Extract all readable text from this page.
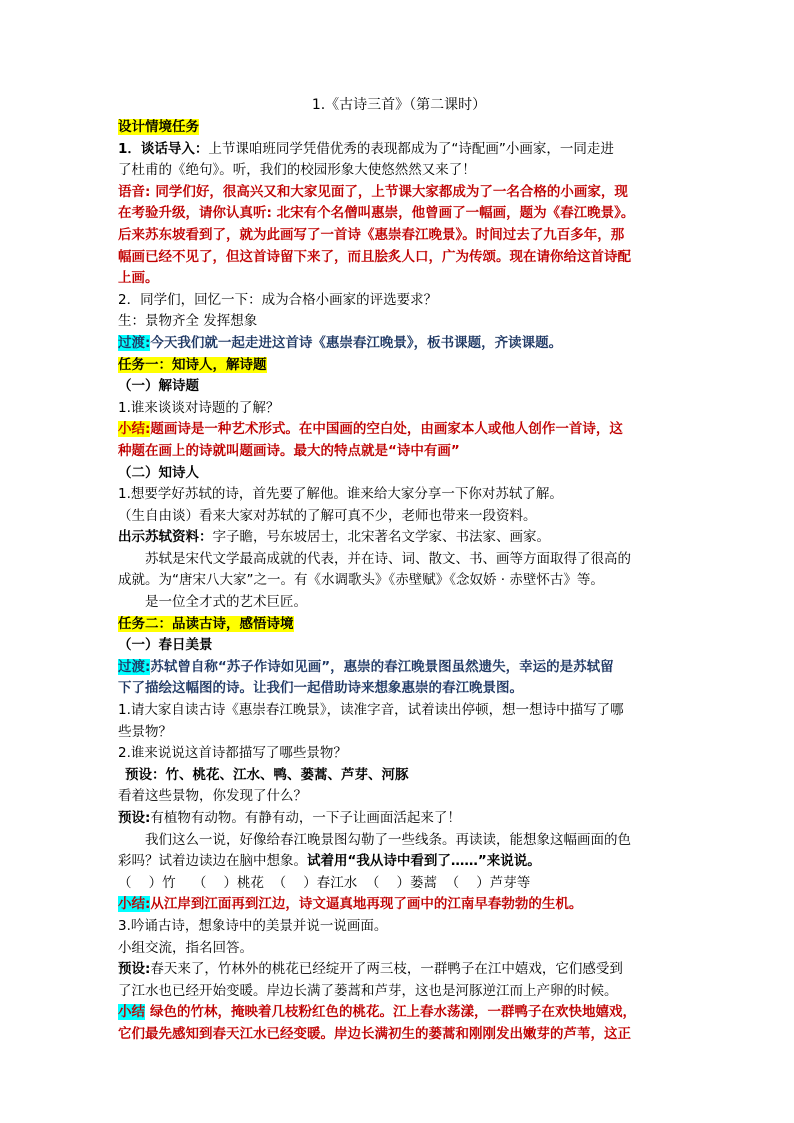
1.《古诗三首》（第二课时）
设计情境任务
1．谈话导入：上节课咱班同学凭借优秀的表现都成为了“诗配画”小画家，一同走进
了杜甫的《绝句》。听，我们的校园形象大使悠然然又来了！
语音: 同学们好，很高兴又和大家见面了，上节课大家都成为了一名合格的小画家，现
在考验升级，请你认真听: 北宋有个名僧叫惠崇，他曾画了一幅画，题为《春江晚景》。
后来苏东坡看到了，就为此画写了一首诗《惠崇春江晚景》。时间过去了九百多年，那
幅画已经不见了，但这首诗留下来了，而且脍炙人口，广为传颂。现在请你给这首诗配
上画。
2．同学们，回忆一下：成为合格小画家的评选要求？
生：景物齐全 发挥想象
过渡:今天我们就一起走进这首诗《惠崇春江晚景》，板书课题，齐读课题。
任务一：知诗人，解诗题
（一）解诗题
1.谁来谈谈对诗题的了解？
小结:题画诗是一种艺术形式。在中国画的空白处，由画家本人或他人创作一首诗，这
种题在画上的诗就叫题画诗。最大的特点就是“诗中有画”
（二）知诗人
1.想要学好苏轼的诗，首先要了解他。谁来给大家分享一下你对苏轼了解。
（生自由谈）看来大家对苏轼的了解可真不少，老师也带来一段资料。
出示苏轼资料：字子瞻，号东坡居士，北宋著名文学家、书法家、画家。
苏轼是宋代文学最高成就的代表，并在诗、词、散文、书、画等方面取得了很高的
成就。为“唐宋八大家”之一。有《水调歌头》《赤壁赋》《念奴娇 · 赤壁怀古》等。
是一位全才式的艺术巨匠。
任务二：品读古诗，感悟诗境
（一）春日美景
过渡:苏轼曾自称“苏子作诗如见画”，惠崇的春江晚景图虽然遗失，幸运的是苏轼留
下了描绘这幅图的诗。让我们一起借助诗来想象惠崇的春江晚景图。
1.请大家自读古诗《惠崇春江晚景》，读准字音，试着读出停顿，想一想诗中描写了哪
些景物？
2.谁来说说这首诗都描写了哪些景物？
预设：竹、桃花、江水、鸭、蒌蒿、芦芽、河豚
看着这些景物，你发现了什么？
预设:有植物有动物。有静有动，一下子让画面活起来了！
我们这么一说，好像给春江晚景图勾勒了一些线条。再读读，能想象这幅画面的色
彩吗？试着边读边在脑中想象。试着用“我从诗中看到了……”来说说。
（    ）竹    （    ）桃花  （    ）春江水  （    ）蒌蒿  （    ）芦芽等
小结:从江岸到江面再到江边，诗文逼真地再现了画中的江南早春勃勃的生机。
3.吟诵古诗，想象诗中的美景并说一说画面。
小组交流，指名回答。
预设:春天来了，竹林外的桃花已经绽开了两三枝，一群鸭子在江中嬉戏，它们感受到
了江水也已经开始变暖。岸边长满了蒌蒿和芦芽，这也是河豚逆江而上产卵的时候。
小结 绿色的竹林，掩映着几枝粉红色的桃花。江上春水荡漾，一群鸭子在欢快地嬉戏，
它们最先感知到春天江水已经变暖。岸边长满初生的蒌蒿和刚刚发出嫩芽的芦苇，这正
